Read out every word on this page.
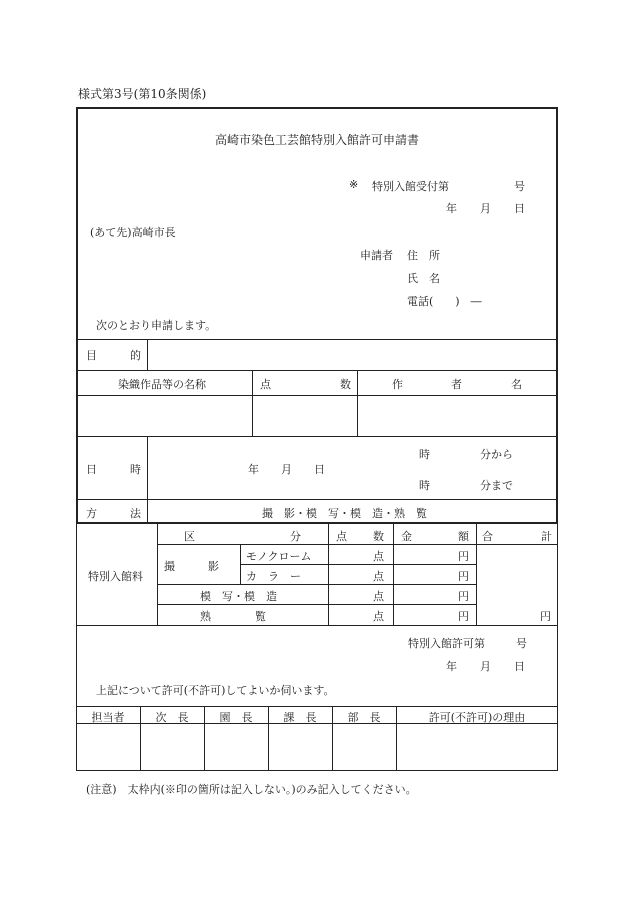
様式第3号(第10条関係)
高崎市染色工芸館特別入館許可申請書
※ 特別入館受付第	号
年 月 日
(あて先)高崎市長
申請者 住　所
氏　名
電話(　　)　―
次のとおり申請します。
目　　　的
染織作品等の名称	点	数	作	者	名
日　　　時	年　　月　　日
時	分から
時	分まで
方　　　法	撮　影・模　写・模　造・熟　覧
特別入館料
区	分	点 数 金	額 合	計
撮　　　影
モノクローム	点	円
カ　ラ　ー	点	円
模　写・模　造	点	円
熟　　　　覧	点	円	円
特別入館許可第	号
年 月 日
上記について許可(不許可)してよいか伺います。
担当者	次　長	園　長	課　長	部　長	許可(不許可)の理由
(注意)　太枠内(※印の箇所は記入しない。)のみ記入してください。
